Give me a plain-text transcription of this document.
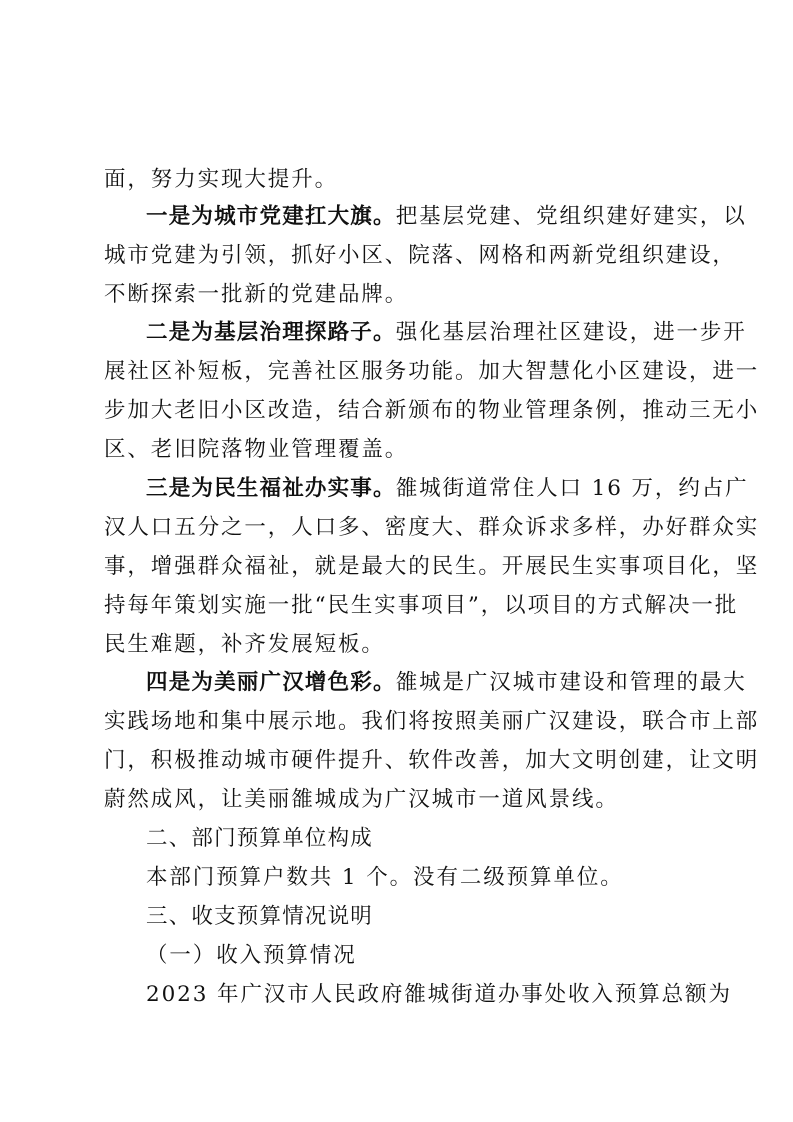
面，努力实现大提升。
一是为城市党建扛大旗。把基层党建、党组织建好建实，以
城市党建为引领，抓好小区、院落、网格和两新党组织建设，
不断探索一批新的党建品牌。
二是为基层治理探路子。强化基层治理社区建设，进一步开
展社区补短板，完善社区服务功能。加大智慧化小区建设，进一
步加大老旧小区改造，结合新颁布的物业管理条例，推动三无小
区、老旧院落物业管理覆盖。
三是为民生福祉办实事。雒城街道常住人口 16 万，约占广
汉人口五分之一，人口多、密度大、群众诉求多样，办好群众实
事，增强群众福祉，就是最大的民生。开展民生实事项目化，坚
持每年策划实施一批“民生实事项目”，以项目的方式解决一批
民生难题，补齐发展短板。
四是为美丽广汉增色彩。雒城是广汉城市建设和管理的最大
实践场地和集中展示地。我们将按照美丽广汉建设，联合市上部
门，积极推动城市硬件提升、软件改善，加大文明创建，让文明
蔚然成风，让美丽雒城成为广汉城市一道风景线。
二、部门预算单位构成
本部门预算户数共 1 个。没有二级预算单位。
三、收支预算情况说明
（一）收入预算情况
2023 年广汉市人民政府雒城街道办事处收入预算总额为
